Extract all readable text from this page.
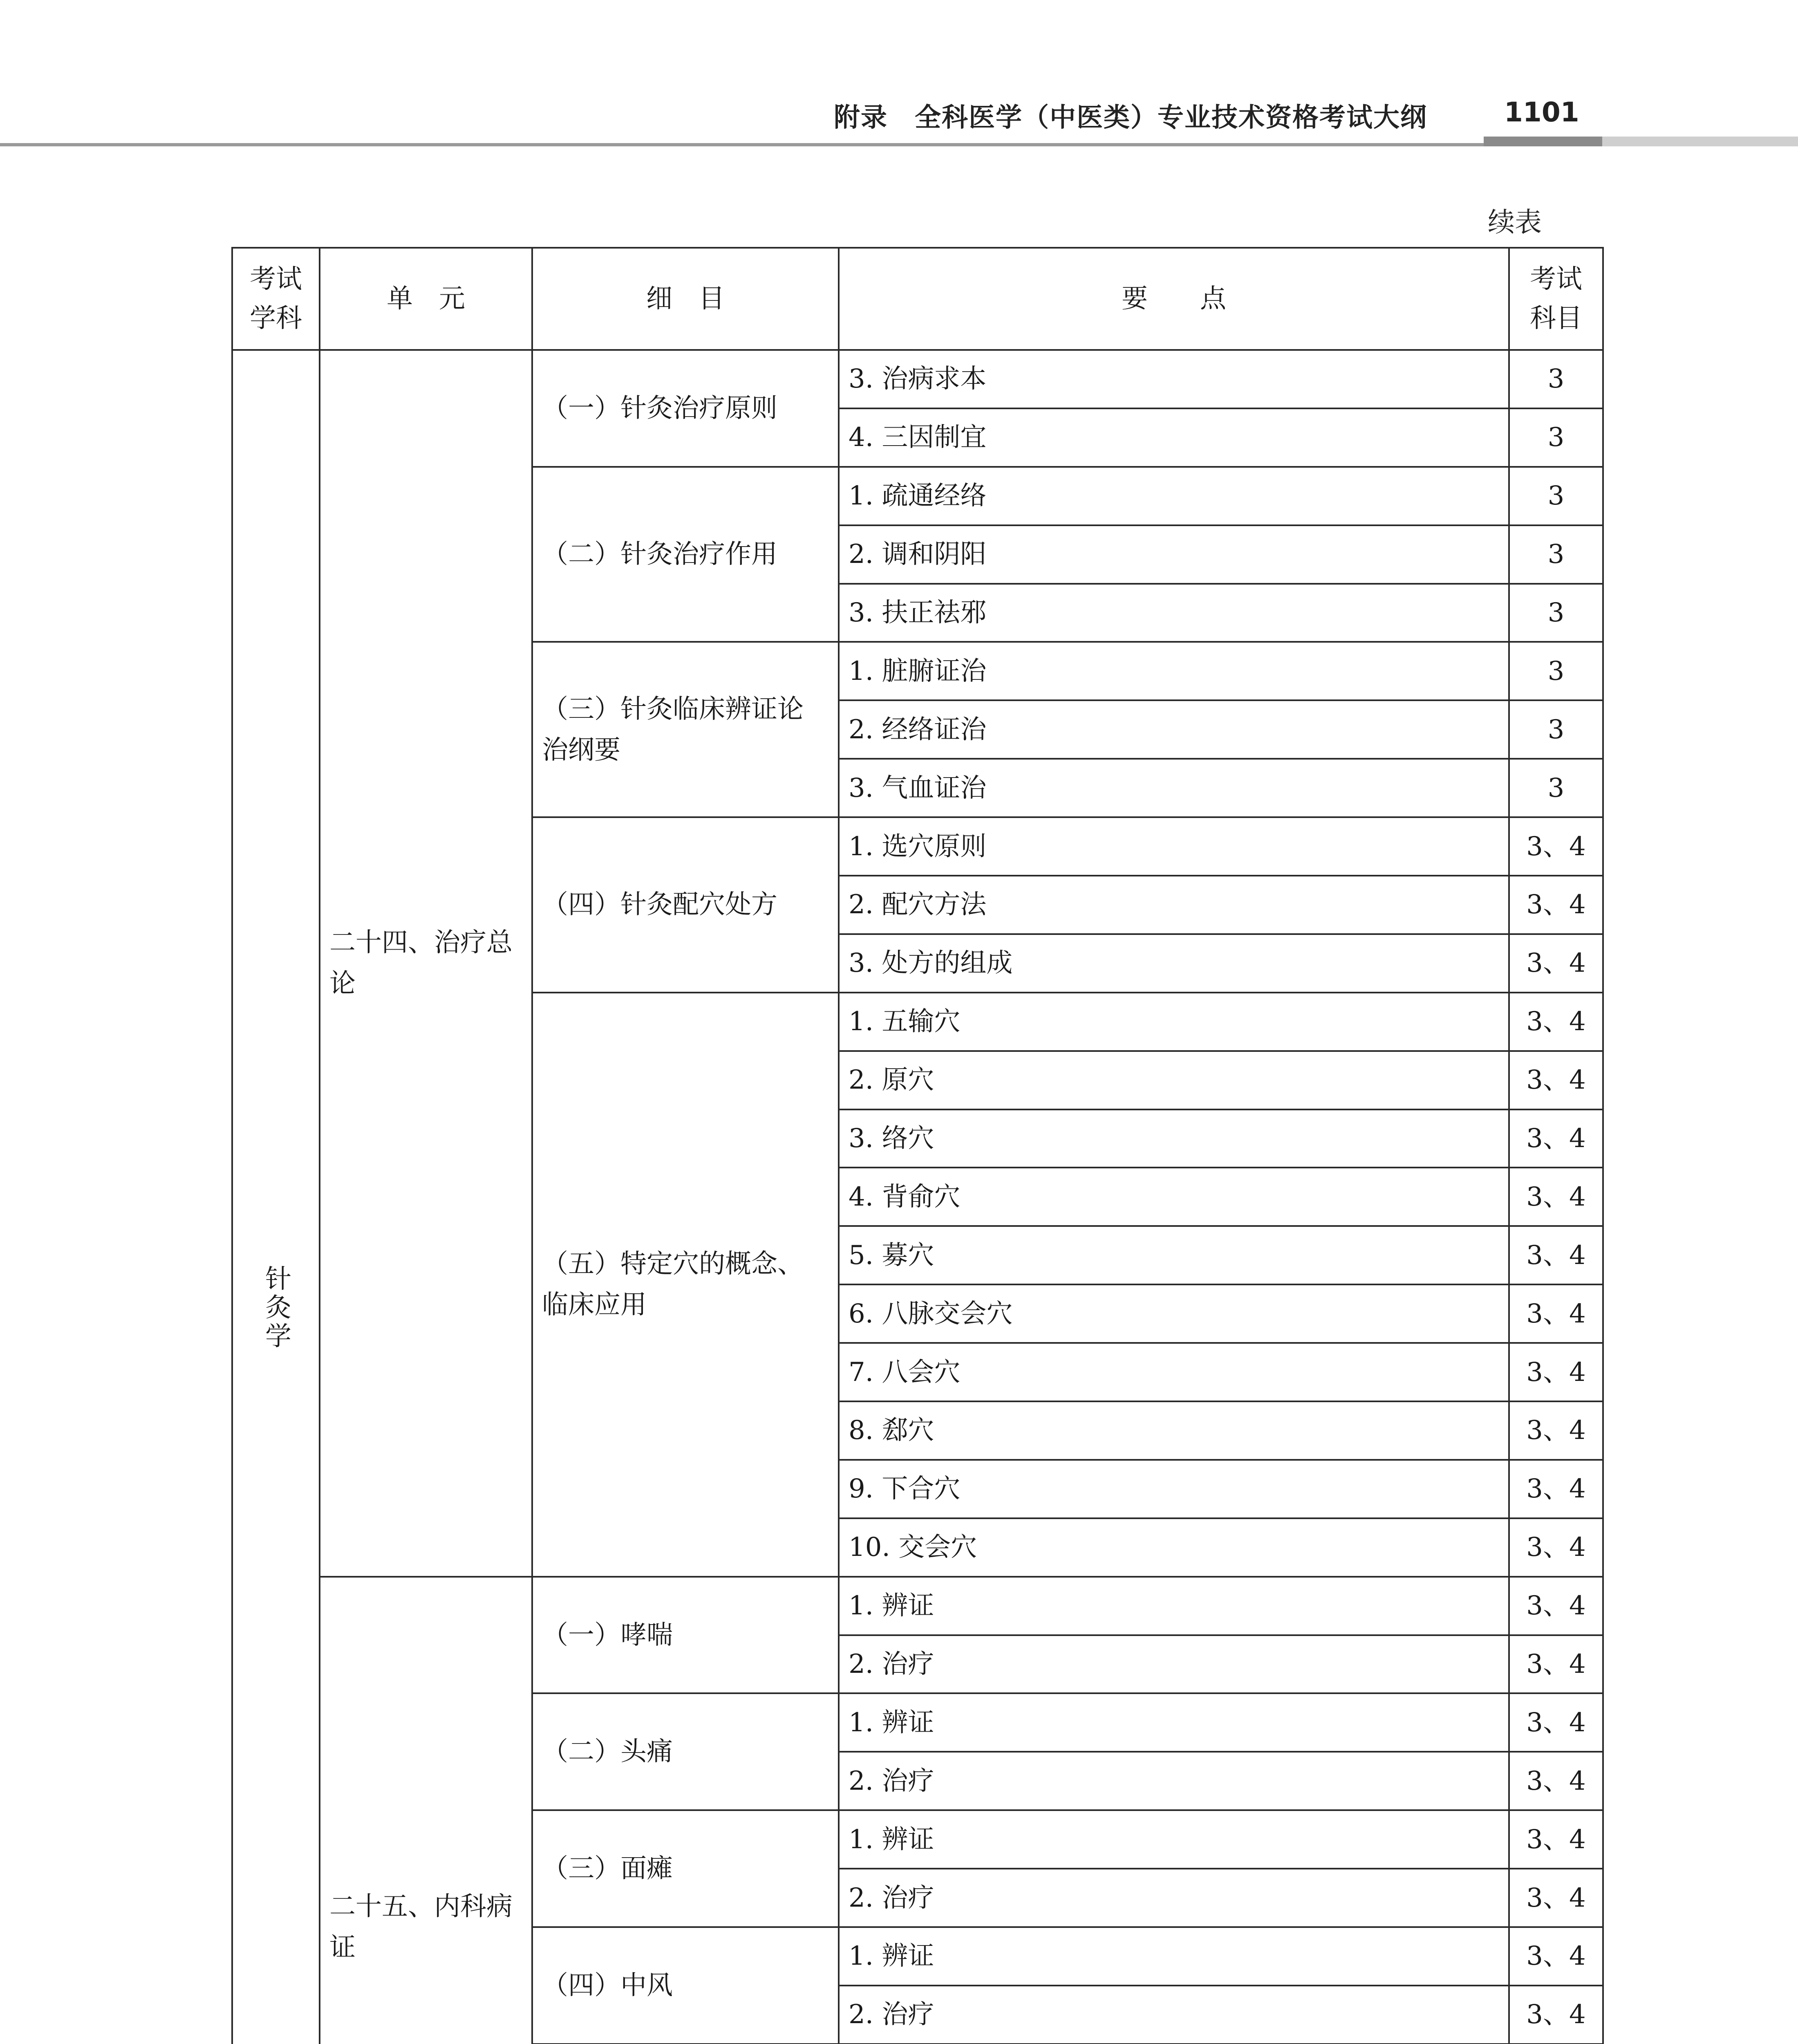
附录　全科医学（中医类）专业技术资格考试大纲	1101
续表
考试学科	单　元	细　目	要　　点	考试科目
针灸学	二十四、治疗总论	（一）针灸治疗原则	3. 治病求本	3
			4. 三因制宜	3
		（二）针灸治疗作用	1. 疏通经络	3
			2. 调和阴阳	3
			3. 扶正祛邪	3
		（三）针灸临床辨证论治纲要	1. 脏腑证治	3
			2. 经络证治	3
			3. 气血证治	3
		（四）针灸配穴处方	1. 选穴原则	3、4
			2. 配穴方法	3、4
			3. 处方的组成	3、4
		（五）特定穴的概念、临床应用	1. 五输穴	3、4
			2. 原穴	3、4
			3. 络穴	3、4
			4. 背俞穴	3、4
			5. 募穴	3、4
			6. 八脉交会穴	3、4
			7. 八会穴	3、4
			8. 郄穴	3、4
			9. 下合穴	3、4
			10. 交会穴	3、4
	二十五、内科病证	（一）哮喘	1. 辨证	3、4
			2. 治疗	3、4
		（二）头痛	1. 辨证	3、4
			2. 治疗	3、4
		（三）面瘫	1. 辨证	3、4
			2. 治疗	3、4
		（四）中风	1. 辨证	3、4
			2. 治疗	3、4
